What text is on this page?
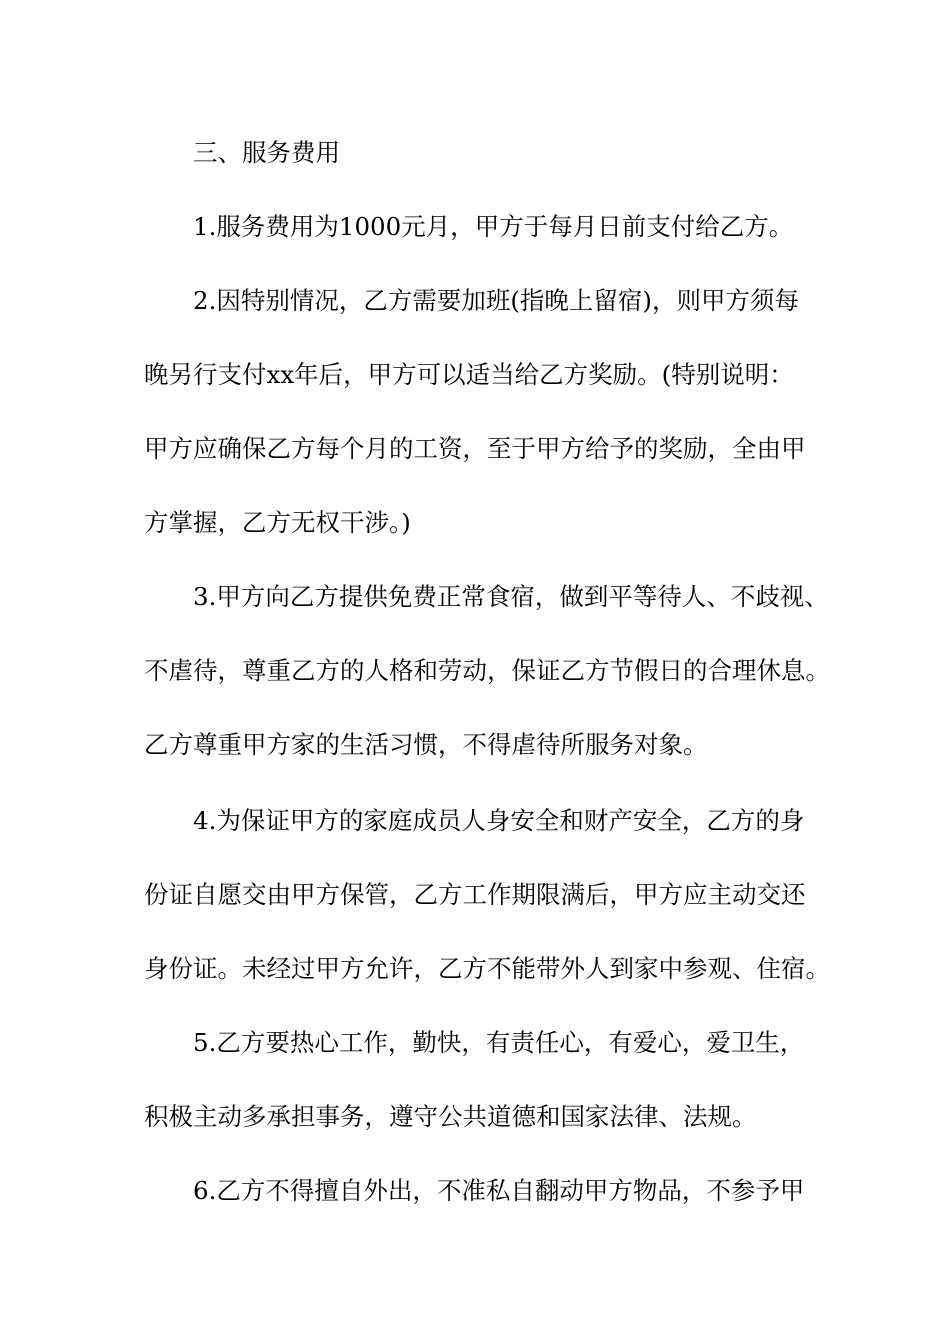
三、服务费用
1.服务费用为1000元月，甲方于每月日前支付给乙方。
2.因特别情况，乙方需要加班(指晚上留宿)，则甲方须每
晚另行支付xx年后，甲方可以适当给乙方奖励。(特别说明：
甲方应确保乙方每个月的工资，至于甲方给予的奖励，全由甲
方掌握，乙方无权干涉。)
3.甲方向乙方提供免费正常食宿，做到平等待人、不歧视、
不虐待，尊重乙方的人格和劳动，保证乙方节假日的合理休息。
乙方尊重甲方家的生活习惯，不得虐待所服务对象。
4.为保证甲方的家庭成员人身安全和财产安全，乙方的身
份证自愿交由甲方保管，乙方工作期限满后，甲方应主动交还
身份证。未经过甲方允许，乙方不能带外人到家中参观、住宿。
5.乙方要热心工作，勤快，有责任心，有爱心，爱卫生，
积极主动多承担事务，遵守公共道德和国家法律、法规。
6.乙方不得擅自外出，不准私自翻动甲方物品，不参予甲
